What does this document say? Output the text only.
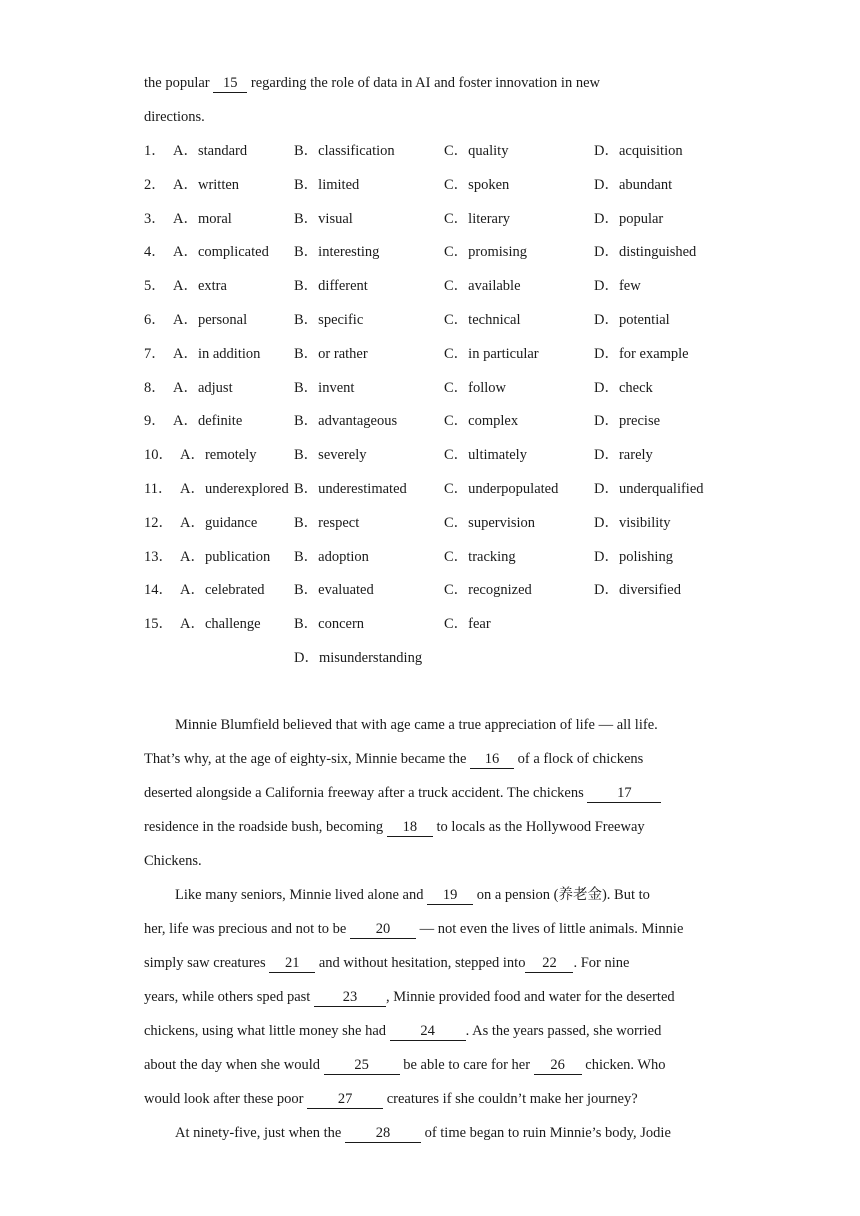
the popular 15 regarding the role of data in AI and foster innovation in new
directions.
1． A．standard	B．classification	C．quality	D．acquisition
2． A．written	B．limited	C．spoken	D．abundant
3． A．moral	B．visual	C．literary	D．popular
4． A．complicated B．interesting	C．promising	D．distinguished
5． A．extra	B．different	C．available	D．few
6． A．personal	B．specific	C．technical	D．potential
7． A．in addition B．or rather	C．in particular	D．for example
8． A．adjust	B．invent	C．follow	D．check
9． A．definite	B．advantageous	C．complex	D．precise
10． A．remotely	B．severely	C．ultimately	D．rarely
11． A．underexplored B．underestimated	C．underpopulated D．underqualified
12． A．guidance	B．respect	C．supervision	D．visibility
13． A．publication B．adoption	C．tracking	D．polishing
14． A．celebrated B．evaluated	C．recognized	D．diversified
15． A．challenge B．concern	C．fear
D．misunderstanding
Minnie Blumfield believed that with age came a true appreciation of life — all life.
That’s why, at the age of eighty-six, Minnie became the 16 of a flock of chickens
deserted alongside a California freeway after a truck accident. The chickens 17
residence in the roadside bush, becoming 18 to locals as the Hollywood Freeway
Chickens.
Like many seniors, Minnie lived alone and 19 on a pension (养老金). But to
her, life was precious and not to be 20 — not even the lives of little animals. Minnie
simply saw creatures 21 and without hesitation, stepped into 22 . For nine
years, while others sped past 23 , Minnie provided food and water for the deserted
chickens, using what little money she had 24 . As the years passed, she worried
about the day when she would 25 be able to care for her 26 chicken. Who
would look after these poor 27 creatures if she couldn’t make her journey?
At ninety-five, just when the 28 of time began to ruin Minnie’s body, Jodie
